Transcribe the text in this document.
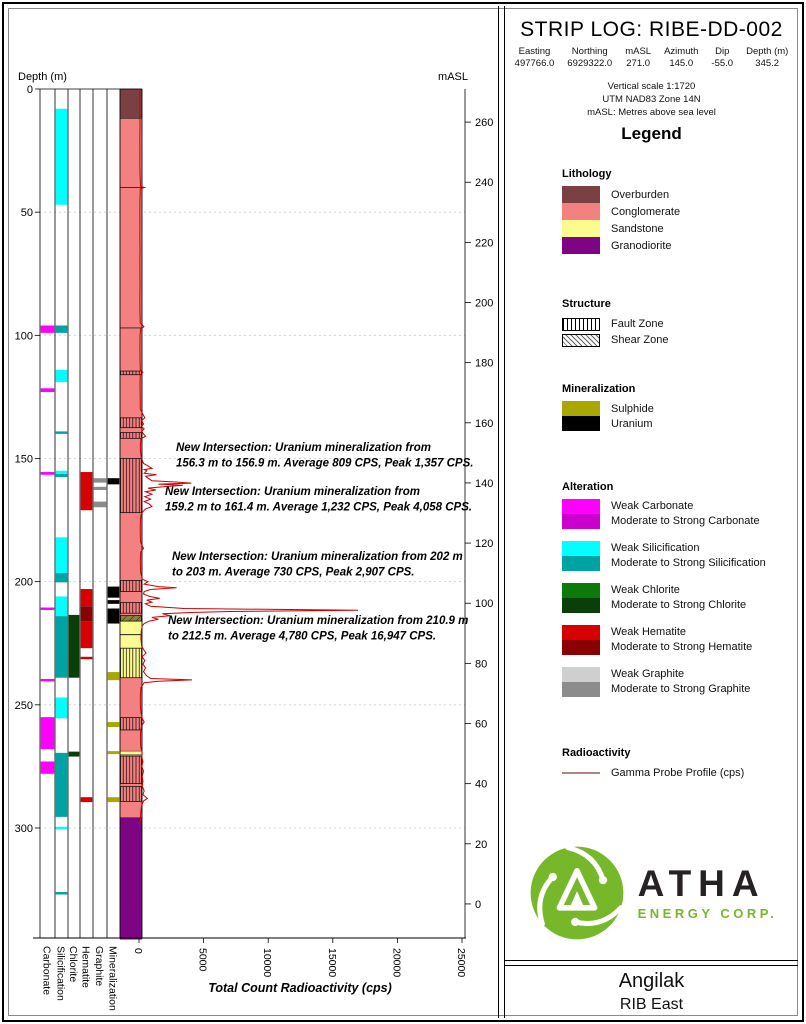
Depth (m)
0
50
100
150
200
250
300
mASL
260
240
220
200
180
160
140
120
100
80
60
40
20
0
0	5000	10000	15000	20000	25000
Carbonate Silicification Chlorite Hematite Graphite Mineralization	Total Count Radioactivity (cps)
New Intersection: Uranium mineralization from
156.3 m to 156.9 m. Average 809 CPS, Peak 1,357 CPS.
New Intersection: Uranium mineralization from
159.2 m to 161.4 m. Average 1,232 CPS, Peak 4,058 CPS.
New Intersection: Uranium mineralization from 202 m
to 203 m. Average 730 CPS, Peak 2,907 CPS.
New Intersection: Uranium mineralization from 210.9 m
to 212.5 m. Average 4,780 CPS, Peak 16,947 CPS.
STRIP LOG: RIBE-DD-002
Easting
497766.0
Northing
6929322.0
mASL
271.0
Azimuth
145.0
Dip
-55.0
Depth (m)
345.2
Vertical scale 1:1720
UTM NAD83 Zone 14N
mASL: Metres above sea level
Legend
Lithology
Overburden
Conglomerate
Sandstone
Granodiorite
Structure
Fault Zone
Shear Zone
Mineralization
Sulphide
Uranium
Alteration
Weak Carbonate
Moderate to Strong Carbonate
Weak Silicification
Moderate to Strong Silicification
Weak Chlorite
Moderate to Strong Chlorite
Weak Hematite
Moderate to Strong Hematite
Weak Graphite
Moderate to Strong Graphite
Radioactivity
Gamma Probe Profile (cps)
ATHA
ENERGY CORP.
Angilak
RIB East
